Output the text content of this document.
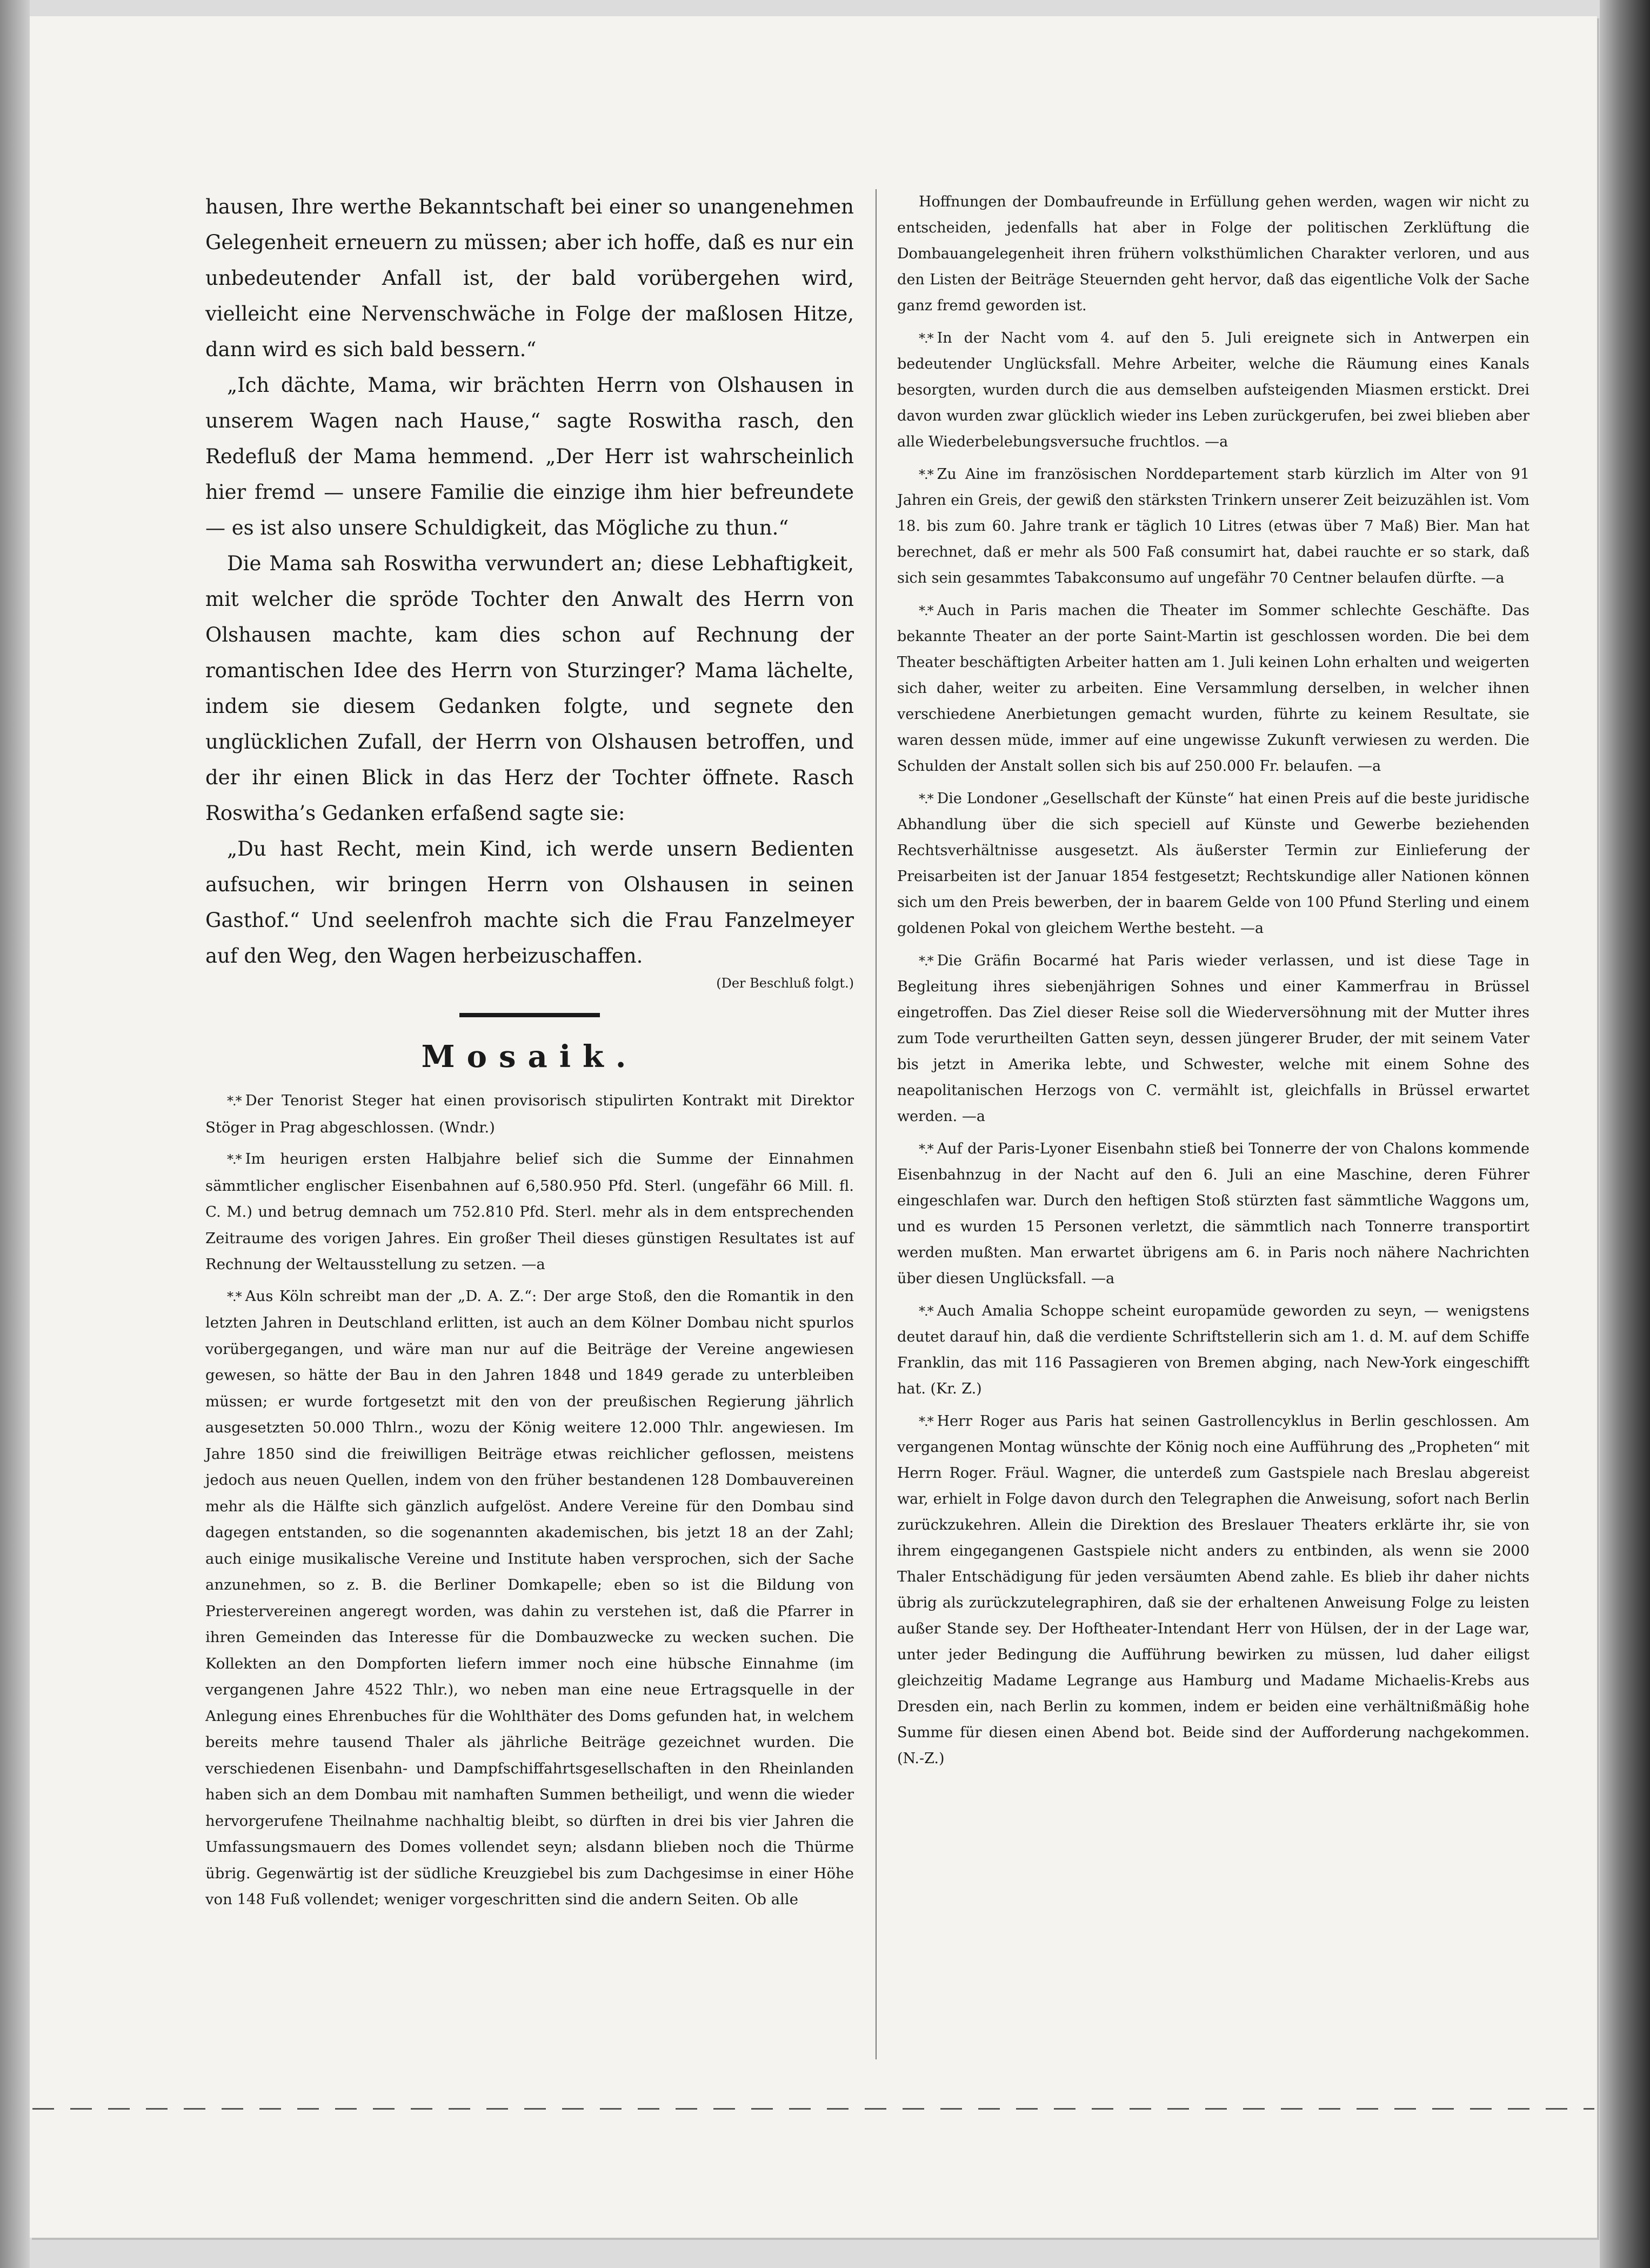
hausen, Ihre werthe Bekanntschaft bei einer so unangenehmen Gelegenheit erneuern zu müssen; aber ich hoffe, daß es nur ein unbedeutender Anfall ist, der bald vorübergehen wird, vielleicht eine Nervenschwäche in Folge der maßlosen Hitze, dann wird es sich bald bessern.“

„Ich dächte, Mama, wir brächten Herrn von Olshausen in unserem Wagen nach Hause,“ sagte Roswitha rasch, den Redefluß der Mama hemmend. „Der Herr ist wahrscheinlich hier fremd — unsere Familie die einzige ihm hier befreundete — es ist also unsere Schuldigkeit, das Mögliche zu thun.“

Die Mama sah Roswitha verwundert an; diese Lebhaftigkeit, mit welcher die spröde Tochter den Anwalt des Herrn von Olshausen machte, kam dies schon auf Rechnung der romantischen Idee des Herrn von Sturzinger? Mama lächelte, indem sie diesem Gedanken folgte, und segnete den unglücklichen Zufall, der Herrn von Olshausen betroffen, und der ihr einen Blick in das Herz der Tochter öffnete. Rasch Roswitha’s Gedanken erfaßend sagte sie:

„Du hast Recht, mein Kind, ich werde unsern Bedienten aufsuchen, wir bringen Herrn von Olshausen in seinen Gasthof.“ Und seelenfroh machte sich die Frau Fanzelmeyer auf den Weg, den Wagen herbeizuschaffen.

(Der Beschluß folgt.)
Mosaik.

*.* Der Tenorist Steger hat einen provisorisch stipulirten Kontrakt mit Direktor Stöger in Prag abgeschlossen. (Wndr.)

*.* Im heurigen ersten Halbjahre belief sich die Summe der Einnahmen sämmtlicher englischer Eisenbahnen auf 6,580.950 Pfd. Sterl. (ungefähr 66 Mill. fl. C. M.) und betrug demnach um 752.810 Pfd. Sterl. mehr als in dem entsprechenden Zeitraume des vorigen Jahres. Ein großer Theil dieses günstigen Resultates ist auf Rechnung der Weltausstellung zu setzen. —a

*.* Aus Köln schreibt man der „D. A. Z.“: Der arge Stoß, den die Romantik in den letzten Jahren in Deutschland erlitten, ist auch an dem Kölner Dombau nicht spurlos vorübergegangen, und wäre man nur auf die Beiträge der Vereine angewiesen gewesen, so hätte der Bau in den Jahren 1848 und 1849 gerade zu unterbleiben müssen; er wurde fortgesetzt mit den von der preußischen Regierung jährlich ausgesetzten 50.000 Thlrn., wozu der König weitere 12.000 Thlr. angewiesen. Im Jahre 1850 sind die freiwilligen Beiträge etwas reichlicher geflossen, meistens jedoch aus neuen Quellen, indem von den früher bestandenen 128 Dombauvereinen mehr als die Hälfte sich gänzlich aufgelöst. Andere Vereine für den Dombau sind dagegen entstanden, so die sogenannten akademischen, bis jetzt 18 an der Zahl; auch einige musikalische Vereine und Institute haben versprochen, sich der Sache anzunehmen, so z. B. die Berliner Domkapelle; eben so ist die Bildung von Priestervereinen angeregt worden, was dahin zu verstehen ist, daß die Pfarrer in ihren Gemeinden das Interesse für die Dombauzwecke zu wecken suchen. Die Kollekten an den Dompforten liefern immer noch eine hübsche Einnahme (im vergangenen Jahre 4522 Thlr.), wo neben man eine neue Ertragsquelle in der Anlegung eines Ehrenbuches für die Wohlthäter des Doms gefunden hat, in welchem bereits mehre tausend Thaler als jährliche Beiträge gezeichnet wurden. Die verschiedenen Eisenbahn- und Dampfschiffahrtsgesellschaften in den Rheinlanden haben sich an dem Dombau mit namhaften Summen betheiligt, und wenn die wieder hervorgerufene Theilnahme nachhaltig bleibt, so dürften in drei bis vier Jahren die Umfassungsmauern des Domes vollendet seyn; alsdann blieben noch die Thürme übrig. Gegenwärtig ist der südliche Kreuzgiebel bis zum Dachgesimse in einer Höhe von 148 Fuß vollendet; weniger vorgeschritten sind die andern Seiten. Ob alle

Hoffnungen der Dombaufreunde in Erfüllung gehen werden, wagen wir nicht zu entscheiden, jedenfalls hat aber in Folge der politischen Zerklüftung die Dombauangelegenheit ihren frühern volksthümlichen Charakter verloren, und aus den Listen der Beiträge Steuernden geht hervor, daß das eigentliche Volk der Sache ganz fremd geworden ist.

*.* In der Nacht vom 4. auf den 5. Juli ereignete sich in Antwerpen ein bedeutender Unglücksfall. Mehre Arbeiter, welche die Räumung eines Kanals besorgten, wurden durch die aus demselben aufsteigenden Miasmen erstickt. Drei davon wurden zwar glücklich wieder ins Leben zurückgerufen, bei zwei blieben aber alle Wiederbelebungsversuche fruchtlos. —a

*.* Zu Aine im französischen Norddepartement starb kürzlich im Alter von 91 Jahren ein Greis, der gewiß den stärksten Trinkern unserer Zeit beizuzählen ist. Vom 18. bis zum 60. Jahre trank er täglich 10 Litres (etwas über 7 Maß) Bier. Man hat berechnet, daß er mehr als 500 Faß consumirt hat, dabei rauchte er so stark, daß sich sein gesammtes Tabakconsumo auf ungefähr 70 Centner belaufen dürfte. —a

*.* Auch in Paris machen die Theater im Sommer schlechte Geschäfte. Das bekannte Theater an der porte Saint-Martin ist geschlossen worden. Die bei dem Theater beschäftigten Arbeiter hatten am 1. Juli keinen Lohn erhalten und weigerten sich daher, weiter zu arbeiten. Eine Versammlung derselben, in welcher ihnen verschiedene Anerbietungen gemacht wurden, führte zu keinem Resultate, sie waren dessen müde, immer auf eine ungewisse Zukunft verwiesen zu werden. Die Schulden der Anstalt sollen sich bis auf 250.000 Fr. belaufen. —a

*.* Die Londoner „Gesellschaft der Künste“ hat einen Preis auf die beste juridische Abhandlung über die sich speciell auf Künste und Gewerbe beziehenden Rechtsverhältnisse ausgesetzt. Als äußerster Termin zur Einlieferung der Preisarbeiten ist der Januar 1854 festgesetzt; Rechtskundige aller Nationen können sich um den Preis bewerben, der in baarem Gelde von 100 Pfund Sterling und einem goldenen Pokal von gleichem Werthe besteht. —a

*.* Die Gräfin Bocarmé hat Paris wieder verlassen, und ist diese Tage in Begleitung ihres siebenjährigen Sohnes und einer Kammerfrau in Brüssel eingetroffen. Das Ziel dieser Reise soll die Wiederversöhnung mit der Mutter ihres zum Tode verurtheilten Gatten seyn, dessen jüngerer Bruder, der mit seinem Vater bis jetzt in Amerika lebte, und Schwester, welche mit einem Sohne des neapolitanischen Herzogs von C. vermählt ist, gleichfalls in Brüssel erwartet werden. —a

*.* Auf der Paris-Lyoner Eisenbahn stieß bei Tonnerre der von Chalons kommende Eisenbahnzug in der Nacht auf den 6. Juli an eine Maschine, deren Führer eingeschlafen war. Durch den heftigen Stoß stürzten fast sämmtliche Waggons um, und es wurden 15 Personen verletzt, die sämmtlich nach Tonnerre transportirt werden mußten. Man erwartet übrigens am 6. in Paris noch nähere Nachrichten über diesen Unglücksfall. —a

*.* Auch Amalia Schoppe scheint europamüde geworden zu seyn, — wenigstens deutet darauf hin, daß die verdiente Schriftstellerin sich am 1. d. M. auf dem Schiffe Franklin, das mit 116 Passagieren von Bremen abging, nach New-York eingeschifft hat. (Kr. Z.)

*.* Herr Roger aus Paris hat seinen Gastrollencyklus in Berlin geschlossen. Am vergangenen Montag wünschte der König noch eine Aufführung des „Propheten“ mit Herrn Roger. Fräul. Wagner, die unterdeß zum Gastspiele nach Breslau abgereist war, erhielt in Folge davon durch den Telegraphen die Anweisung, sofort nach Berlin zurückzukehren. Allein die Direktion des Breslauer Theaters erklärte ihr, sie von ihrem eingegangenen Gastspiele nicht anders zu entbinden, als wenn sie 2000 Thaler Entschädigung für jeden versäumten Abend zahle. Es blieb ihr daher nichts übrig als zurückzutelegraphiren, daß sie der erhaltenen Anweisung Folge zu leisten außer Stande sey. Der Hoftheater-Intendant Herr von Hülsen, der in der Lage war, unter jeder Bedingung die Aufführung bewirken zu müssen, lud daher eiligst gleichzeitig Madame Legrange aus Hamburg und Madame Michaelis-Krebs aus Dresden ein, nach Berlin zu kommen, indem er beiden eine verhältnißmäßig hohe Summe für diesen einen Abend bot. Beide sind der Aufforderung nachgekommen. (N.-Z.)
